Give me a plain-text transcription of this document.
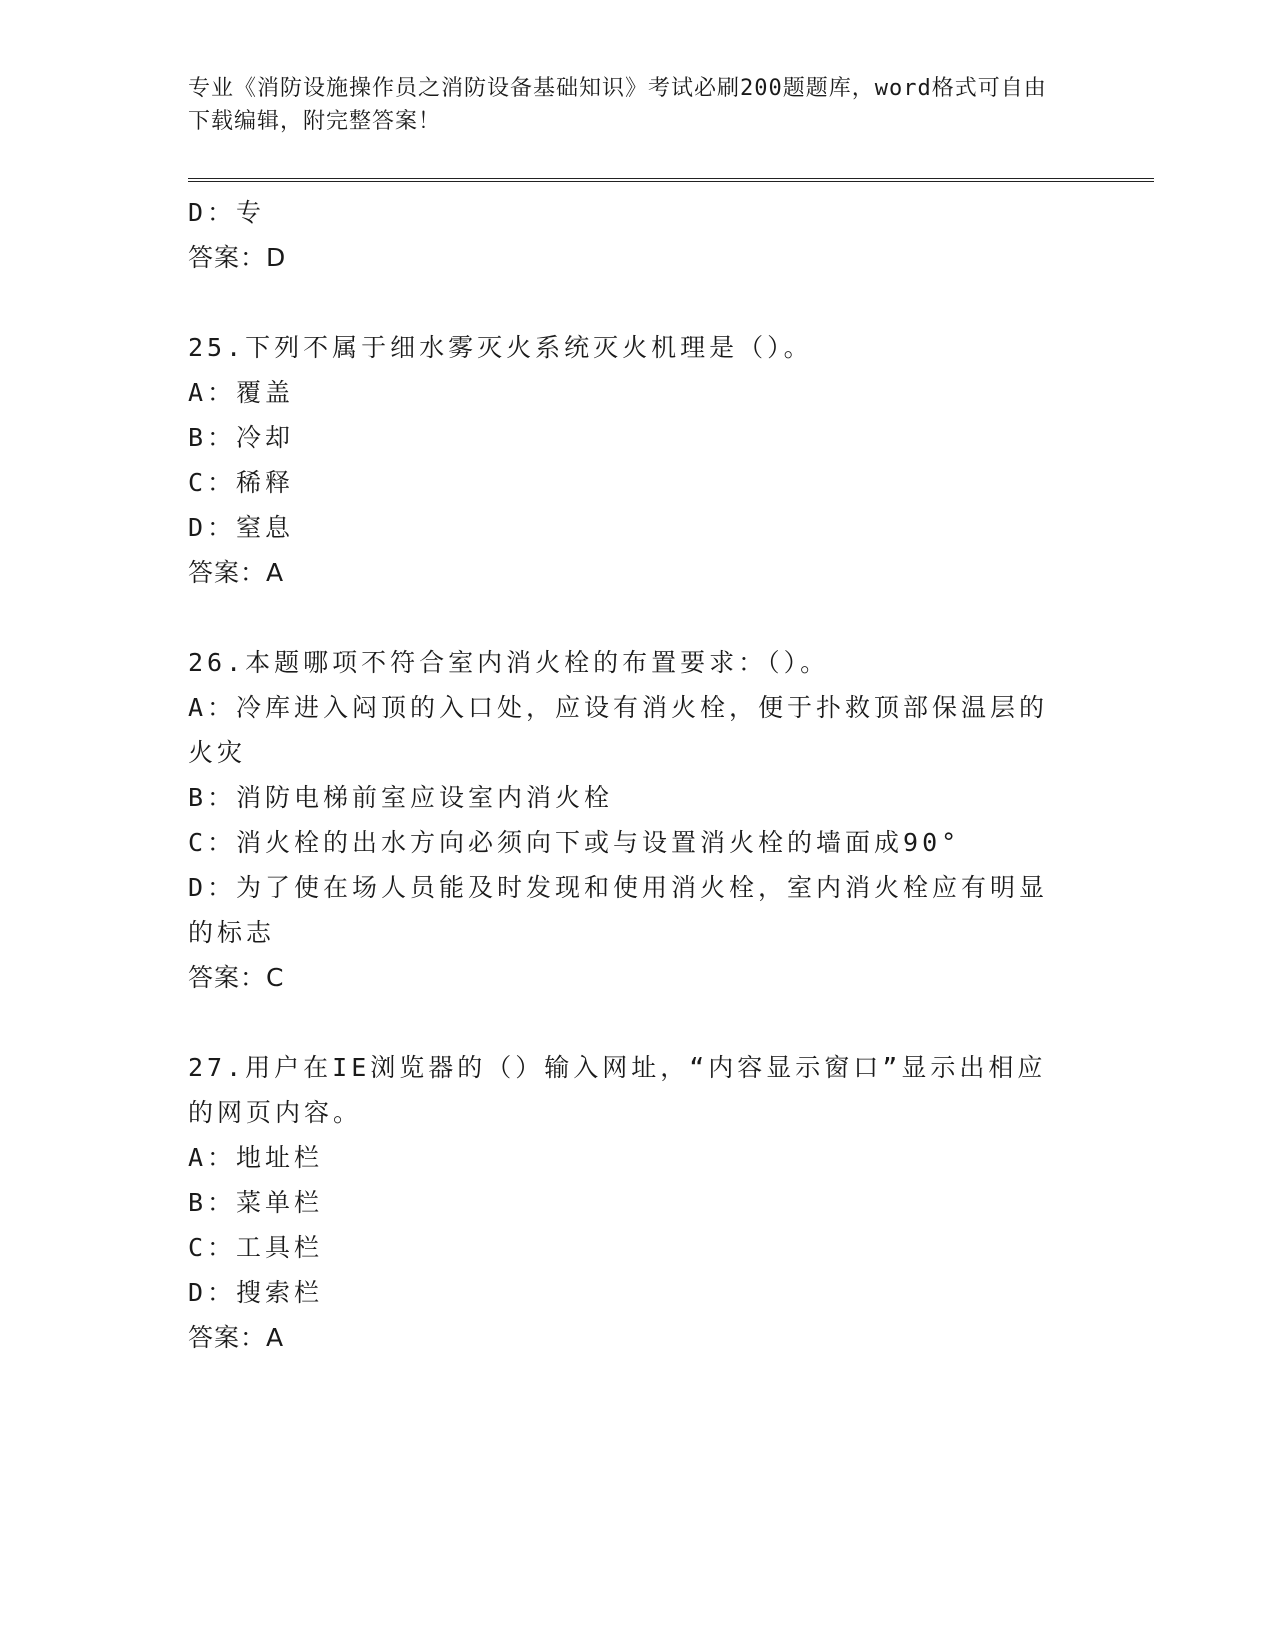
专业《消防设施操作员之消防设备基础知识》考试必刷200题题库，word格式可自由下载编辑，附完整答案！

D：专

答案：D

25.下列不属于细水雾灭火系统灭火机理是（）。

A：覆盖

B：冷却

C：稀释

D：窒息

答案：A

26.本题哪项不符合室内消火栓的布置要求：（）。

A：冷库进入闷顶的入口处，应设有消火栓，便于扑救顶部保温层的火灾

B：消防电梯前室应设室内消火栓

C：消火栓的出水方向必须向下或与设置消火栓的墙面成90°

D：为了使在场人员能及时发现和使用消火栓，室内消火栓应有明显的标志

答案：C

27.用户在IE浏览器的（）输入网址，“内容显示窗口”显示出相应的网页内容。

A：地址栏

B：菜单栏

C：工具栏

D：搜索栏

答案：A
